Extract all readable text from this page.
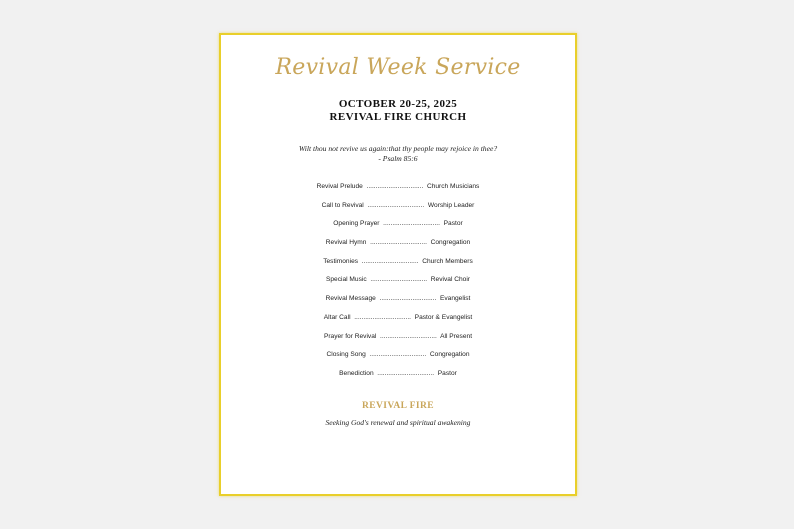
Revival Week Service
OCTOBER 20-25, 2025
REVIVAL FIRE CHURCH
Wilt thou not revive us again:that thy people may rejoice in thee?
- Psalm 85:6
Revival Prelude ............................... Church Musicians
Call to Revival ............................... Worship Leader
Opening Prayer ............................... Pastor
Revival Hymn ............................... Congregation
Testimonies ............................... Church Members
Special Music ............................... Revival Choir
Revival Message ............................... Evangelist
Altar Call ............................... Pastor & Evangelist
Prayer for Revival ............................... All Present
Closing Song ............................... Congregation
Benediction ............................... Pastor
REVIVAL FIRE
Seeking God's renewal and spiritual awakening
